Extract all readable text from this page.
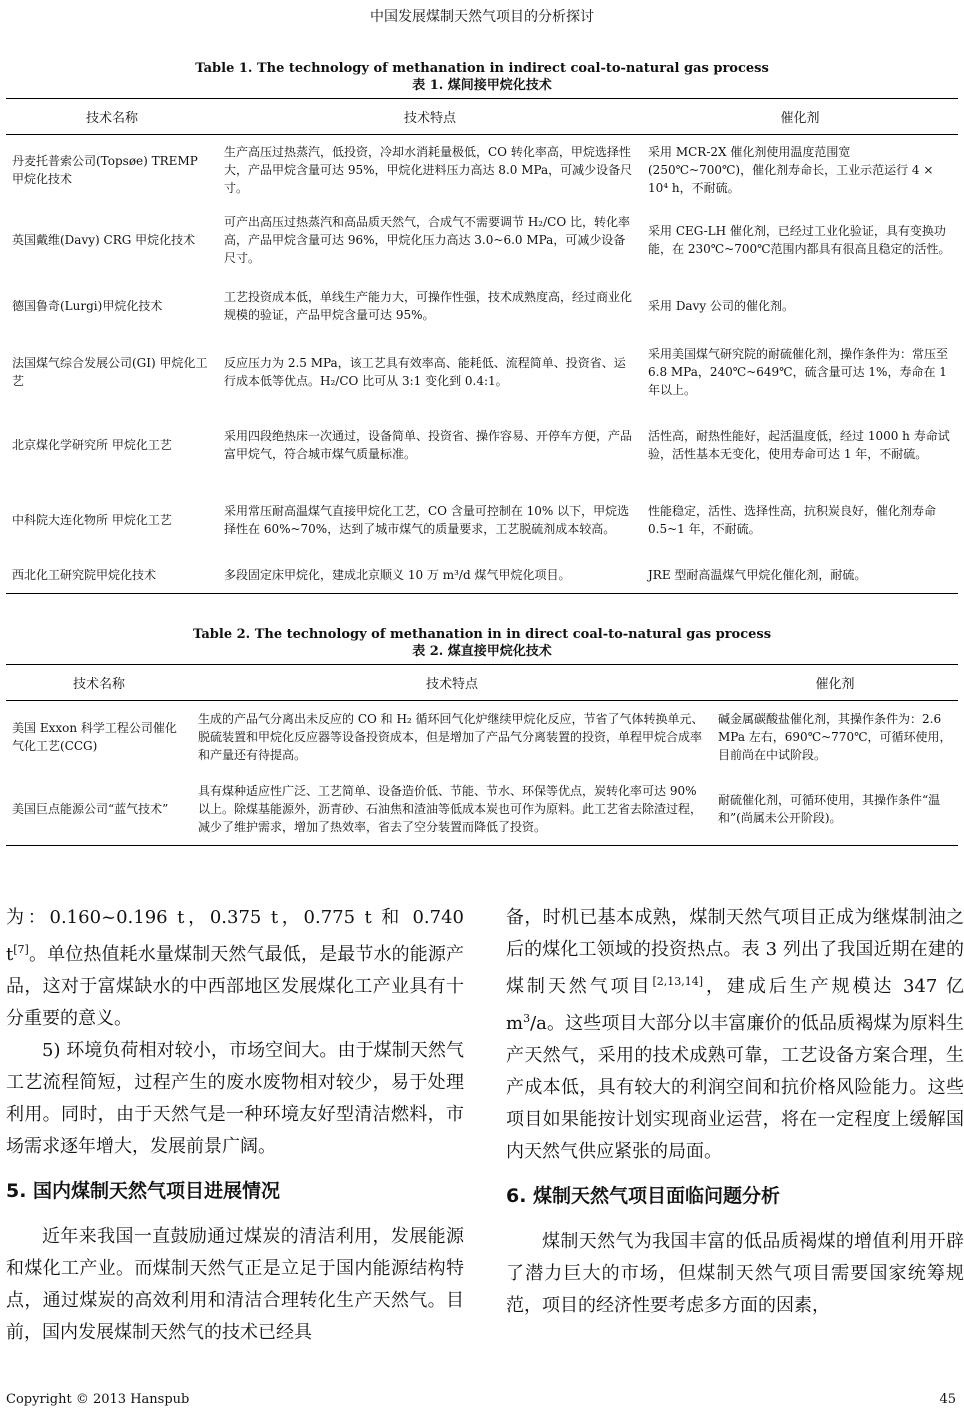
中国发展煤制天然气项目的分析探讨
Table 1. The technology of methanation in indirect coal-to-natural gas process
表 1. 煤间接甲烷化技术
技术名称	技术特点	催化剂
丹麦托普索公司(Topsøe) TREMP 甲烷化技术	生产高压过热蒸汽，低投资，冷却水消耗量极低，CO 转化率高，甲烷选择性大，产品甲烷含量可达 95%，甲烷化进料压力高达 8.0 MPa，可减少设备尺寸。	采用 MCR-2X 催化剂使用温度范围宽(250℃~700℃)，催化剂寿命长，工业示范运行 4 × 10⁴ h，不耐硫。
英国戴维(Davy) CRG 甲烷化技术	可产出高压过热蒸汽和高品质天然气，合成气不需要调节 H₂/CO 比，转化率高，产品甲烷含量可达 96%，甲烷化压力高达 3.0~6.0 MPa，可减少设备尺寸。	采用 CEG-LH 催化剂，已经过工业化验证，具有变换功能，在 230℃~700℃范围内都具有很高且稳定的活性。
德国鲁奇(Lurgi)甲烷化技术	工艺投资成本低，单线生产能力大，可操作性强，技术成熟度高，经过商业化规模的验证，产品甲烷含量可达 95%。	采用 Davy 公司的催化剂。
法国煤气综合发展公司(GI) 甲烷化工艺	反应压力为 2.5 MPa，该工艺具有效率高、能耗低、流程简单、投资省、运行成本低等优点。H₂/CO 比可从 3:1 变化到 0.4:1。	采用美国煤气研究院的耐硫催化剂，操作条件为：常压至 6.8 MPa，240℃~649℃，硫含量可达 1%，寿命在 1 年以上。
北京煤化学研究所 甲烷化工艺	采用四段绝热床一次通过，设备简单、投资省、操作容易、开停车方便，产品富甲烷气，符合城市煤气质量标准。	活性高，耐热性能好，起活温度低，经过 1000 h 寿命试验，活性基本无变化，使用寿命可达 1 年，不耐硫。
中科院大连化物所 甲烷化工艺	采用常压耐高温煤气直接甲烷化工艺，CO 含量可控制在 10% 以下，甲烷选择性在 60%~70%，达到了城市煤气的质量要求，工艺脱硫剂成本较高。	性能稳定，活性、选择性高，抗积炭良好，催化剂寿命 0.5~1 年，不耐硫。
西北化工研究院甲烷化技术	多段固定床甲烷化，建成北京顺义 10 万 m³/d 煤气甲烷化项目。	JRE 型耐高温煤气甲烷化催化剂，耐硫。
Table 2. The technology of methanation in in direct coal-to-natural gas process
表 2. 煤直接甲烷化技术
技术名称	技术特点	催化剂
美国 Exxon 科学工程公司催化气化工艺(CCG)	生成的产品气分离出未反应的 CO 和 H₂ 循环回气化炉继续甲烷化反应，节省了气体转换单元、脱硫装置和甲烷化反应器等设备投资成本，但是增加了产品气分离装置的投资，单程甲烷合成率和产量还有待提高。	碱金属碳酸盐催化剂，其操作条件为：2.6 MPa 左右，690℃~770℃，可循环使用，目前尚在中试阶段。
美国巨点能源公司“蓝气技术”	具有煤种适应性广泛、工艺简单、设备造价低、节能、节水、环保等优点，炭转化率可达 90%以上。除煤基能源外，沥青砂、石油焦和渣油等低成本炭也可作为原料。此工艺省去除渣过程，减少了维护需求，增加了热效率，省去了空分装置而降低了投资。	耐硫催化剂，可循环使用，其操作条件“温和”(尚属未公开阶段)。

为：0.160~0.196 t，0.375 t，0.775 t 和 0.740 t[7]。单位热值耗水量煤制天然气最低，是最节水的能源产品，这对于富煤缺水的中西部地区发展煤化工产业具有十分重要的意义。

5) 环境负荷相对较小，市场空间大。由于煤制天然气工艺流程简短，过程产生的废水废物相对较少，易于处理利用。同时，由于天然气是一种环境友好型清洁燃料，市场需求逐年增大，发展前景广阔。

5. 国内煤制天然气项目进展情况

近年来我国一直鼓励通过煤炭的清洁利用，发展能源和煤化工产业。而煤制天然气正是立足于国内能源结构特点，通过煤炭的高效利用和清洁合理转化生产天然气。目前，国内发展煤制天然气的技术已经具

备，时机已基本成熟，煤制天然气项目正成为继煤制油之后的煤化工领域的投资热点。表 3 列出了我国近期在建的煤制天然气项目[2,13,14]，建成后生产规模达 347 亿 $m^3/a$。这些项目大部分以丰富廉价的低品质褐煤为原料生产天然气，采用的技术成熟可靠，工艺设备方案合理，生产成本低，具有较大的利润空间和抗价格风险能力。这些项目如果能按计划实现商业运营，将在一定程度上缓解国内天然气供应紧张的局面。

6. 煤制天然气项目面临问题分析

煤制天然气为我国丰富的低品质褐煤的增值利用开辟了潜力巨大的市场，但煤制天然气项目需要国家统筹规范，项目的经济性要考虑多方面的因素，

Copyright © 2013 Hanspub	45
